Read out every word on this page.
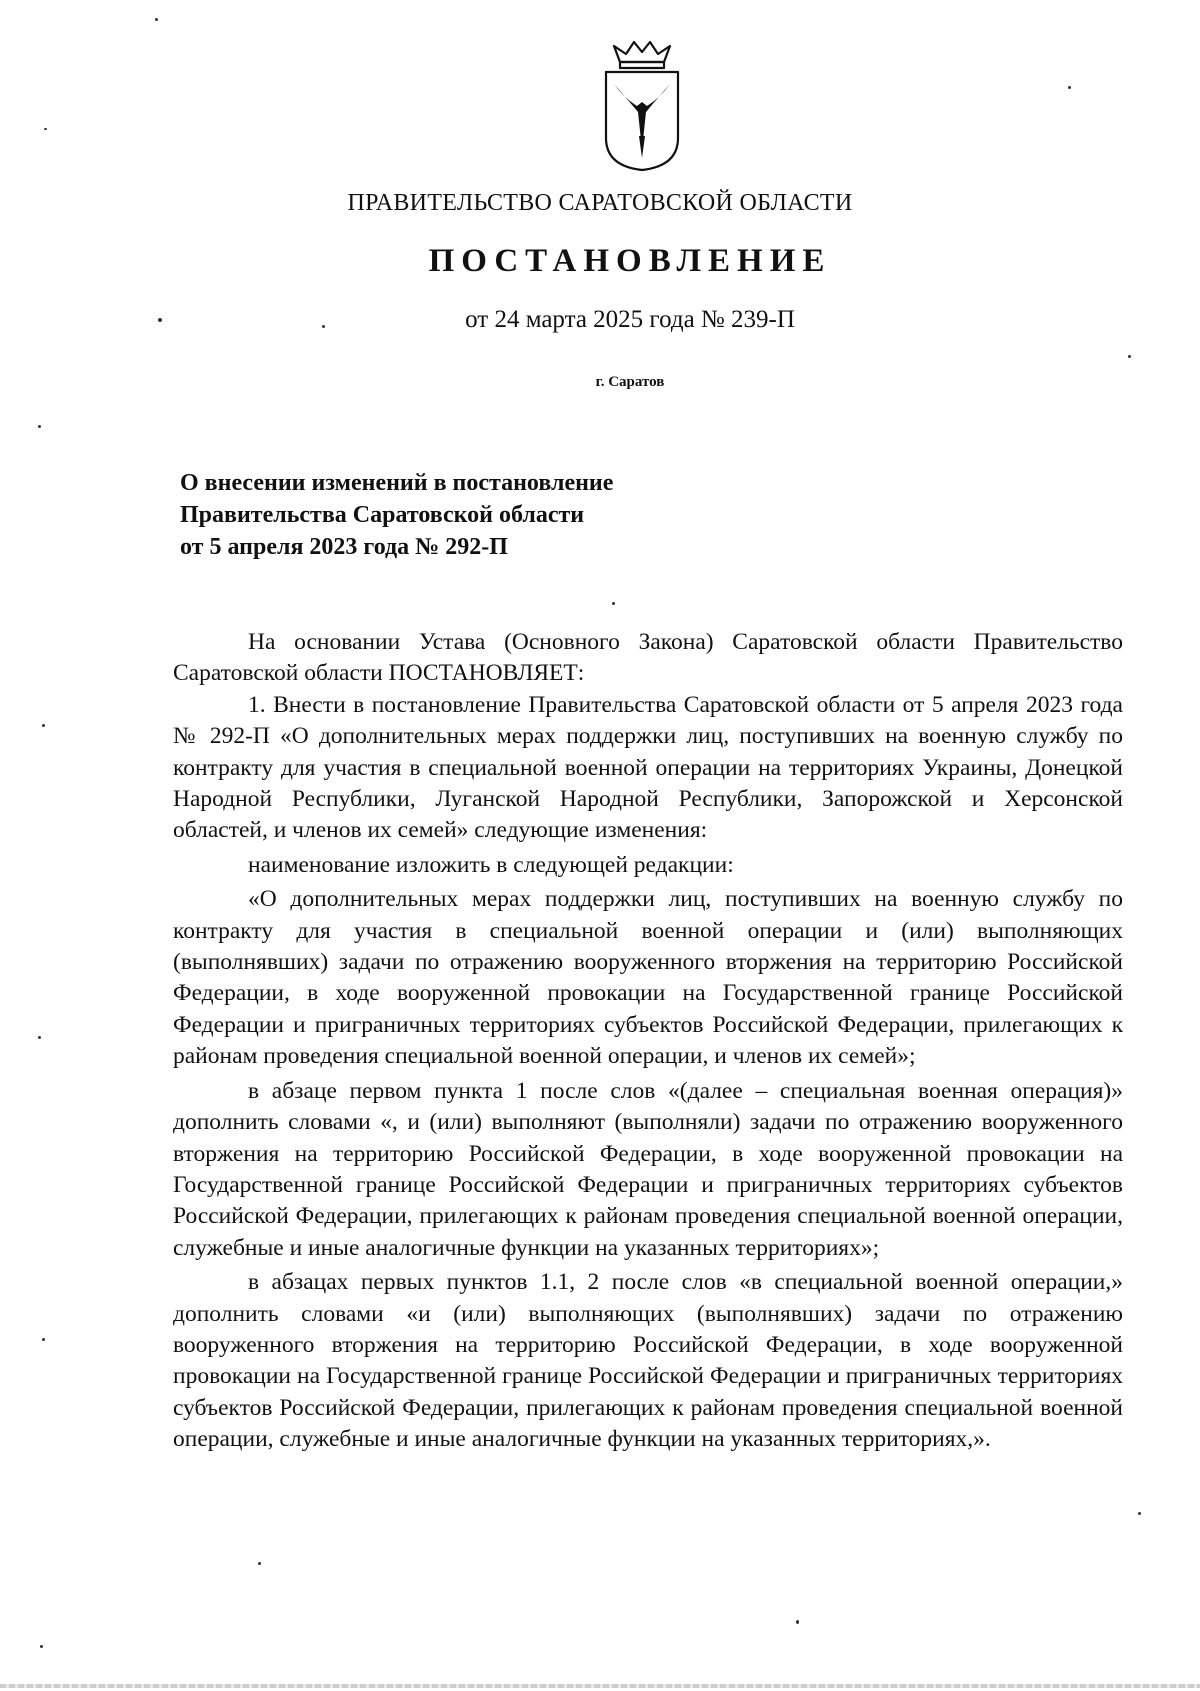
ПРАВИТЕЛЬСТВО САРАТОВСКОЙ ОБЛАСТИ
ПОСТАНОВЛЕНИЕ
от 24 марта 2025 года № 239-П
г. Саратов
О внесении изменений в постановление
Правительства Саратовской области
от 5 апреля 2023 года № 292-П

На основании Устава (Основного Закона) Саратовской области Правительство Саратовской области ПОСТАНОВЛЯЕТ:

1. Внести в постановление Правительства Саратовской области от 5 апреля 2023 года № 292-П «О дополнительных мерах поддержки лиц, поступивших на военную службу по контракту для участия в специальной военной операции на территориях Украины, Донецкой Народной Республики, Луганской Народной Республики, Запорожской и Херсонской областей, и членов их семей» следующие изменения:

наименование изложить в следующей редакции:

«О дополнительных мерах поддержки лиц, поступивших на военную службу по контракту для участия в специальной военной операции и (или) выполняющих (выполнявших) задачи по отражению вооруженного вторжения на территорию Российской Федерации, в ходе вооруженной провокации на Государственной границе Российской Федерации и приграничных территориях субъектов Российской Федерации, прилегающих к районам проведения специальной военной операции, и членов их семей»;

в абзаце первом пункта 1 после слов «(далее – специальная военная операция)» дополнить словами «, и (или) выполняют (выполняли) задачи по отражению вооруженного вторжения на территорию Российской Федерации, в ходе вооруженной провокации на Государственной границе Российской Федерации и приграничных территориях субъектов Российской Федерации, прилегающих к районам проведения специальной военной операции, служебные и иные аналогичные функции на указанных территориях»;

в абзацах первых пунктов 1.1, 2 после слов «в специальной военной операции,» дополнить словами «и (или) выполняющих (выполнявших) задачи по отражению вооруженного вторжения на территорию Российской Федерации, в ходе вооруженной провокации на Государственной границе Российской Федерации и приграничных территориях субъектов Российской Федерации, прилегающих к районам проведения специальной военной операции, служебные и иные аналогичные функции на указанных территориях,».
